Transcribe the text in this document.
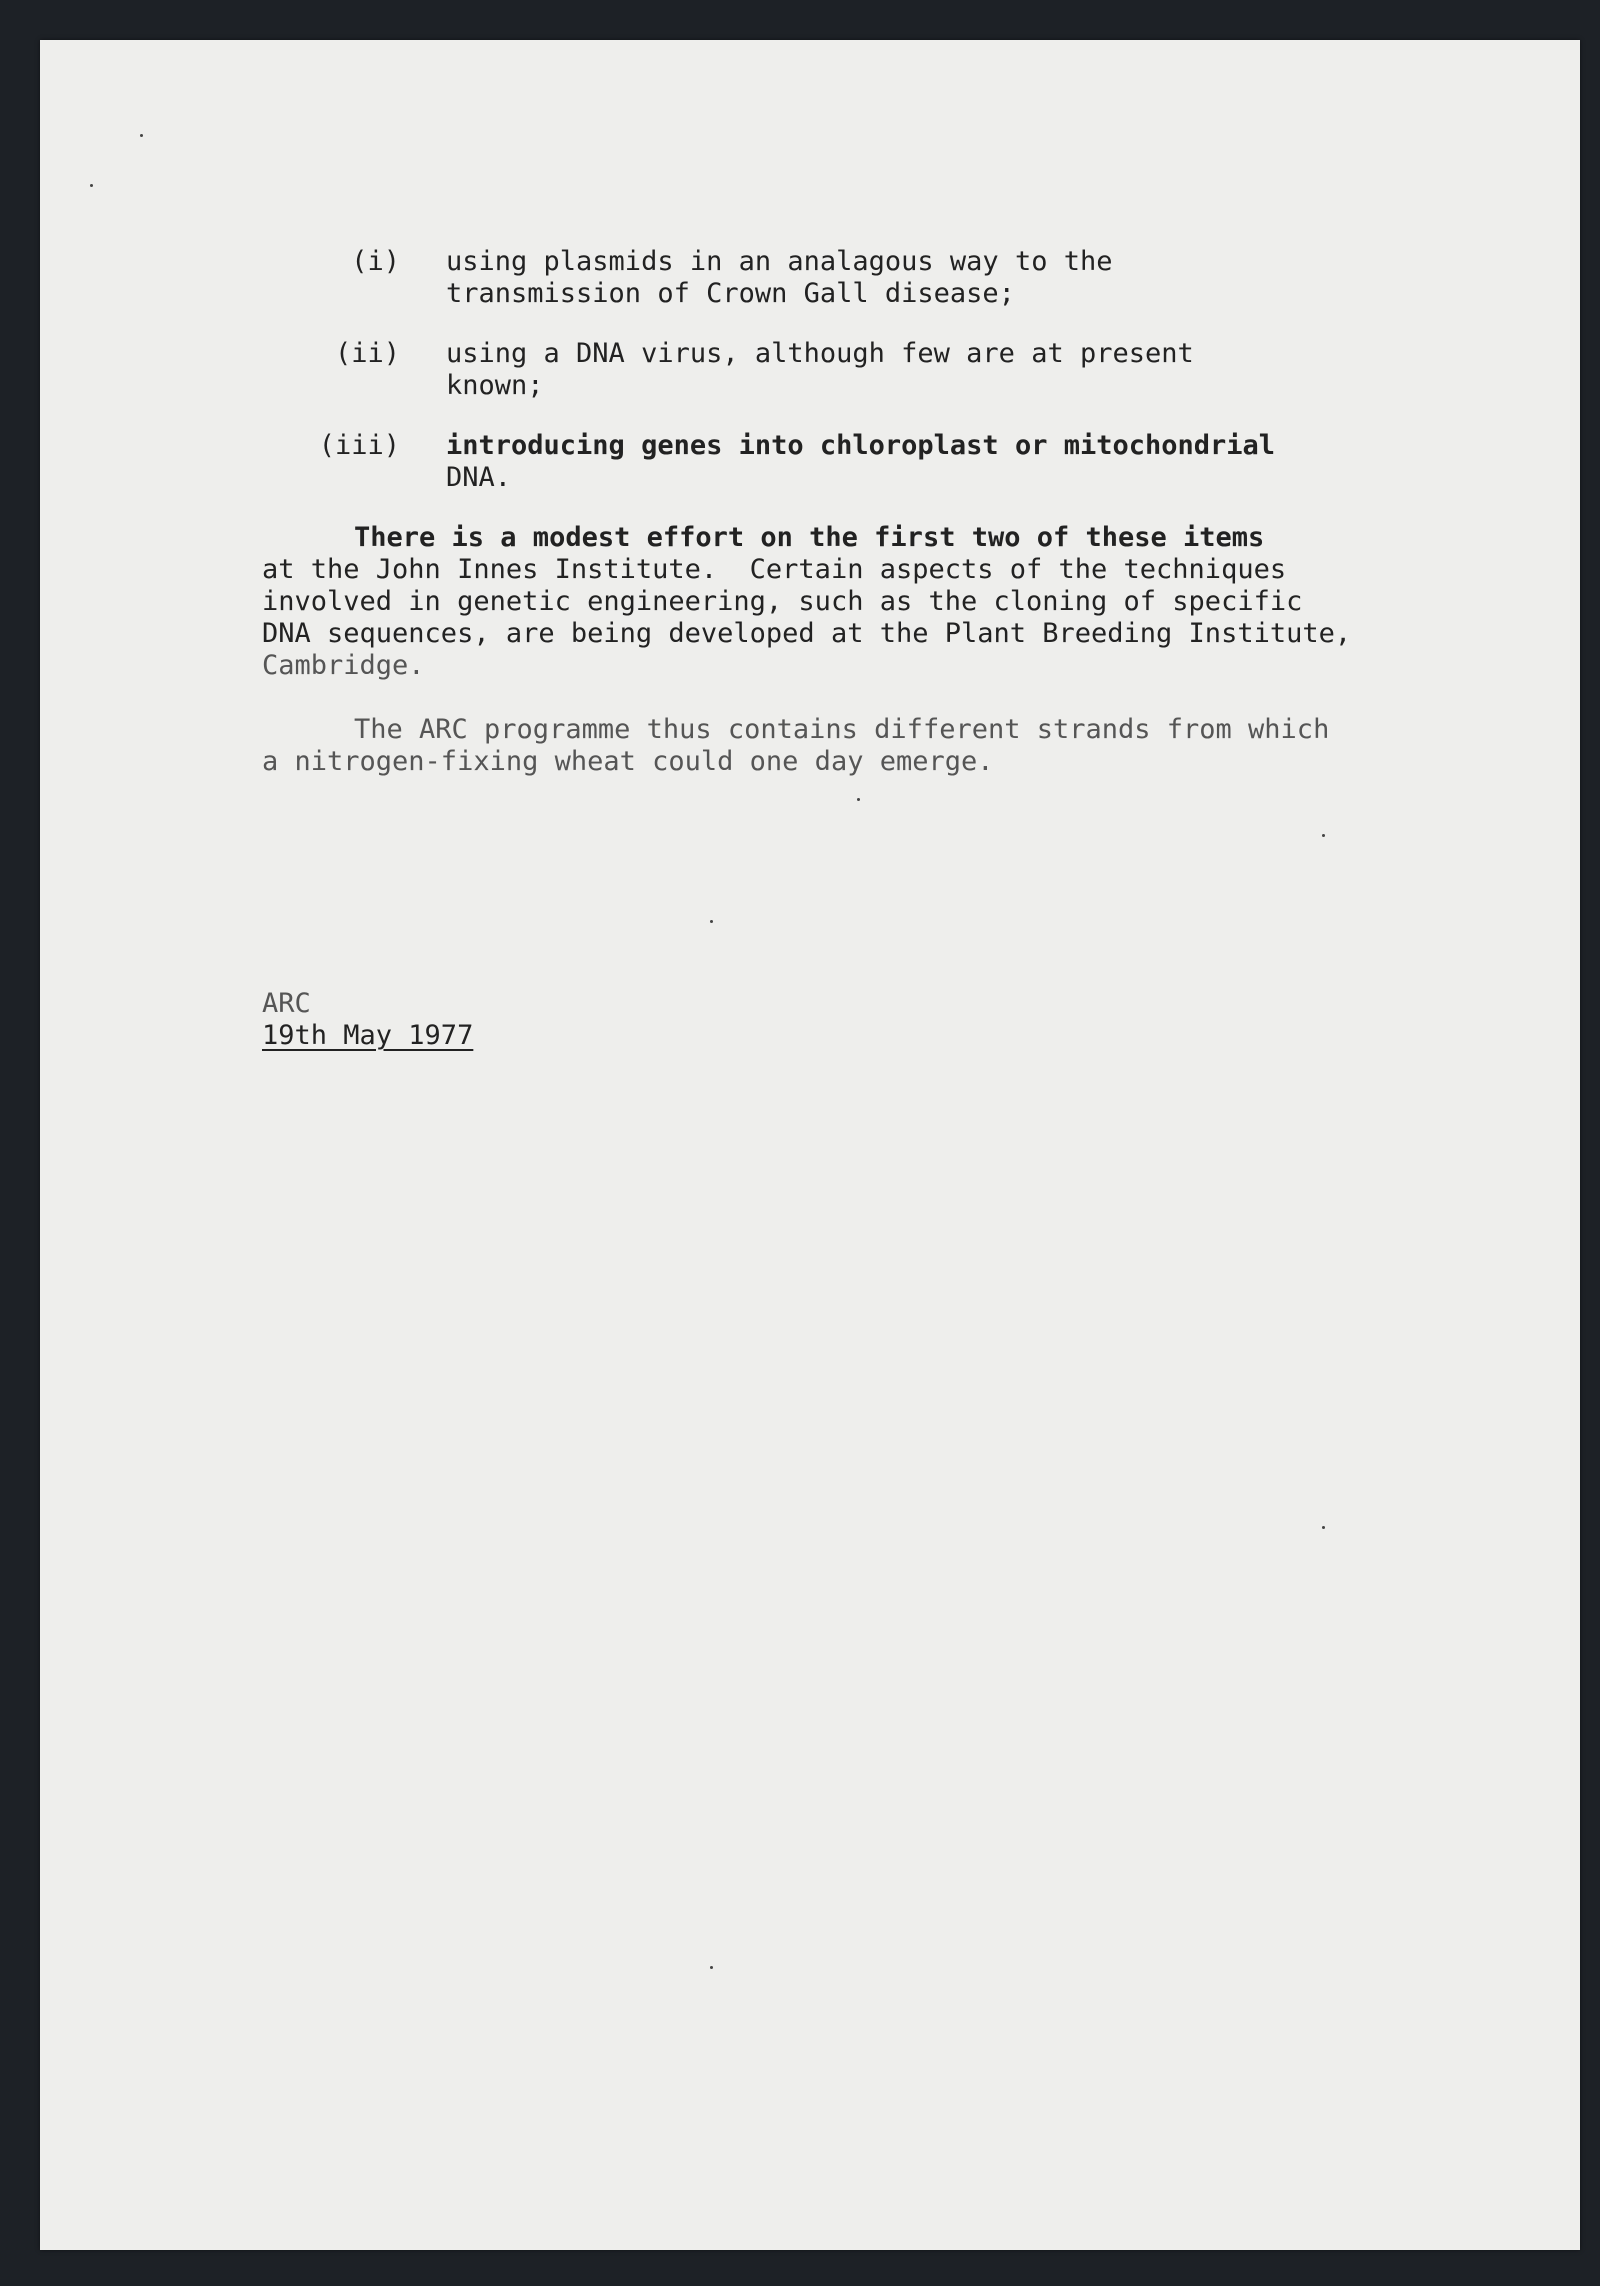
(i) using plasmids in an analagous way to the
transmission of Crown Gall disease;
(ii) using a DNA virus, although few are at present
known;
(iii) introducing genes into chloroplast or mitochondrial
DNA.
There is a modest effort on the first two of these items
at the John Innes Institute.  Certain aspects of the techniques
involved in genetic engineering, such as the cloning of specific
DNA sequences, are being developed at the Plant Breeding Institute,
Cambridge.
The ARC programme thus contains different strands from which
a nitrogen-fixing wheat could one day emerge.
ARC
19th May 1977
